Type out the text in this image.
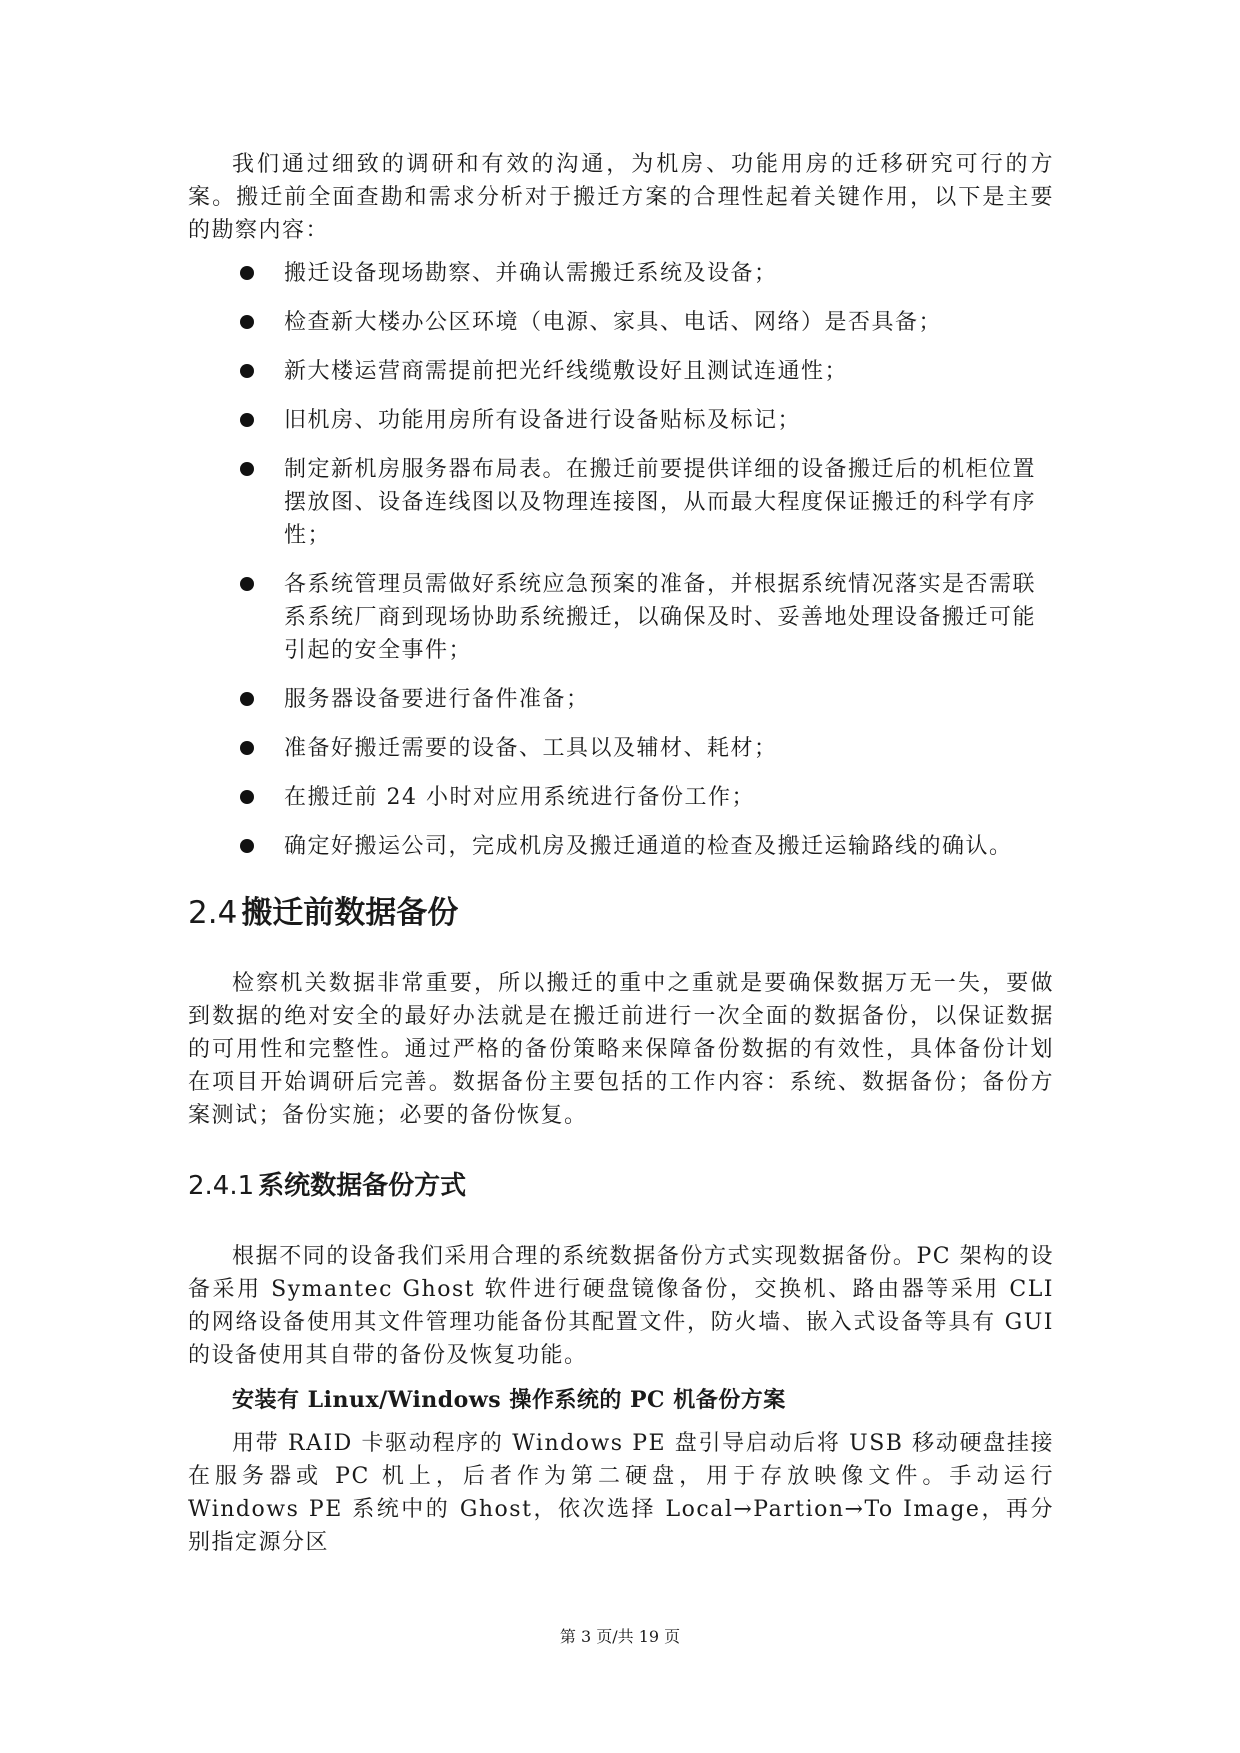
我们通过细致的调研和有效的沟通，为机房、功能用房的迁移研究可行的方案。搬迁前全面查勘和需求分析对于搬迁方案的合理性起着关键作用，以下是主要的勘察内容：

搬迁设备现场勘察、并确认需搬迁系统及设备；
检查新大楼办公区环境（电源、家具、电话、网络）是否具备；
新大楼运营商需提前把光纤线缆敷设好且测试连通性；
旧机房、功能用房所有设备进行设备贴标及标记；
制定新机房服务器布局表。在搬迁前要提供详细的设备搬迁后的机柜位置摆放图、设备连线图以及物理连接图，从而最大程度保证搬迁的科学有序性；
各系统管理员需做好系统应急预案的准备，并根据系统情况落实是否需联系系统厂商到现场协助系统搬迁，以确保及时、妥善地处理设备搬迁可能引起的安全事件；
服务器设备要进行备件准备；
准备好搬迁需要的设备、工具以及辅材、耗材；
在搬迁前 24 小时对应用系统进行备份工作；
确定好搬运公司，完成机房及搬迁通道的检查及搬迁运输路线的确认。
2.4 搬迁前数据备份

检察机关数据非常重要，所以搬迁的重中之重就是要确保数据万无一失，要做到数据的绝对安全的最好办法就是在搬迁前进行一次全面的数据备份，以保证数据的可用性和完整性。通过严格的备份策略来保障备份数据的有效性，具体备份计划在项目开始调研后完善。数据备份主要包括的工作内容：系统、数据备份；备份方案测试；备份实施；必要的备份恢复。

2.4.1 系统数据备份方式

根据不同的设备我们采用合理的系统数据备份方式实现数据备份。PC 架构的设备采用 Symantec Ghost 软件进行硬盘镜像备份，交换机、路由器等采用 CLI 的网络设备使用其文件管理功能备份其配置文件，防火墙、嵌入式设备等具有 GUI 的设备使用其自带的备份及恢复功能。

安装有 Linux/Windows 操作系统的 PC 机备份方案

用带 RAID 卡驱动程序的 Windows PE 盘引导启动后将 USB 移动硬盘挂接在服务器或 PC 机上，后者作为第二硬盘，用于存放映像文件。手动运行 Windows PE 系统中的 Ghost，依次选择 Local→Partion→To Image，再分别指定源分区

第 3 页/共 19 页
